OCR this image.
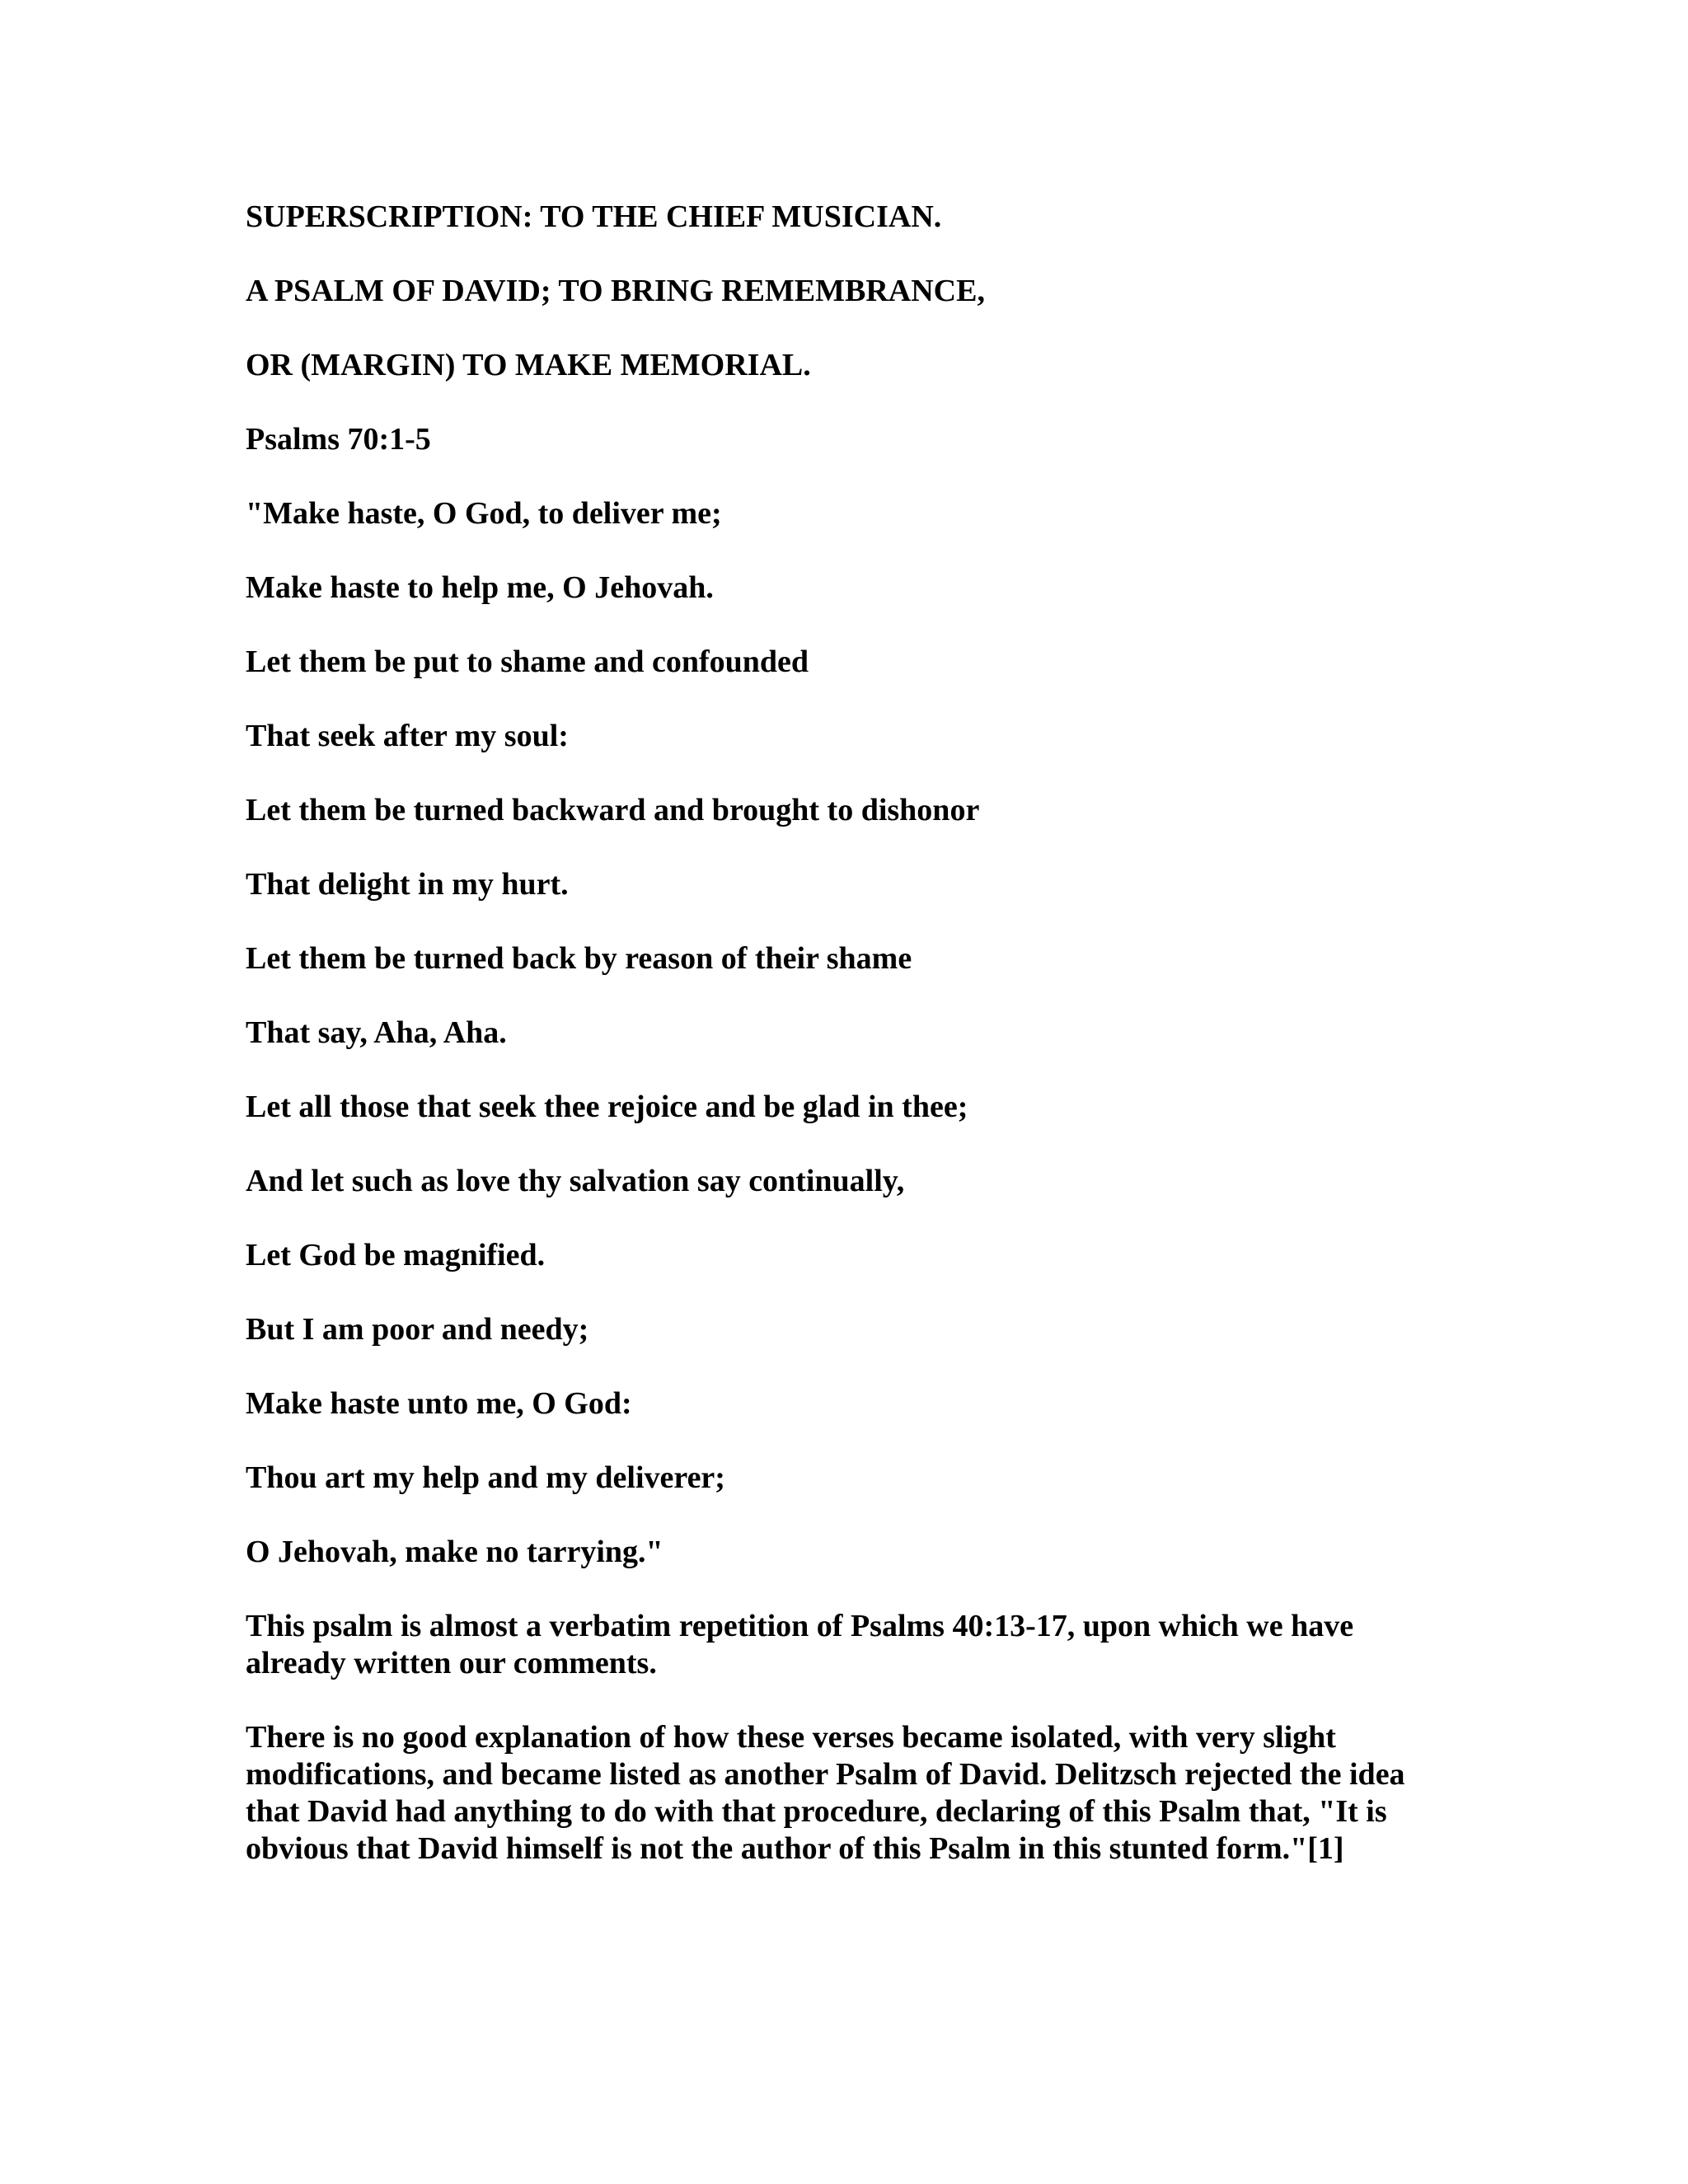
SUPERSCRIPTION: TO THE CHIEF MUSICIAN.

A PSALM OF DAVID; TO BRING REMEMBRANCE,

OR (MARGIN) TO MAKE MEMORIAL.

Psalms 70:1-5

"Make haste, O God, to deliver me;

Make haste to help me, O Jehovah.

Let them be put to shame and confounded

That seek after my soul:

Let them be turned backward and brought to dishonor

That delight in my hurt.

Let them be turned back by reason of their shame

That say, Aha, Aha.

Let all those that seek thee rejoice and be glad in thee;

And let such as love thy salvation say continually,

Let God be magnified.

But I am poor and needy;

Make haste unto me, O God:

Thou art my help and my deliverer;

O Jehovah, make no tarrying."

This psalm is almost a verbatim repetition of Psalms 40:13-17, upon which we have already written our comments.

There is no good explanation of how these verses became isolated, with very slight modifications, and became listed as another Psalm of David. Delitzsch rejected the idea that David had anything to do with that procedure, declaring of this Psalm that, "It is obvious that David himself is not the author of this Psalm in this stunted form."[1]
